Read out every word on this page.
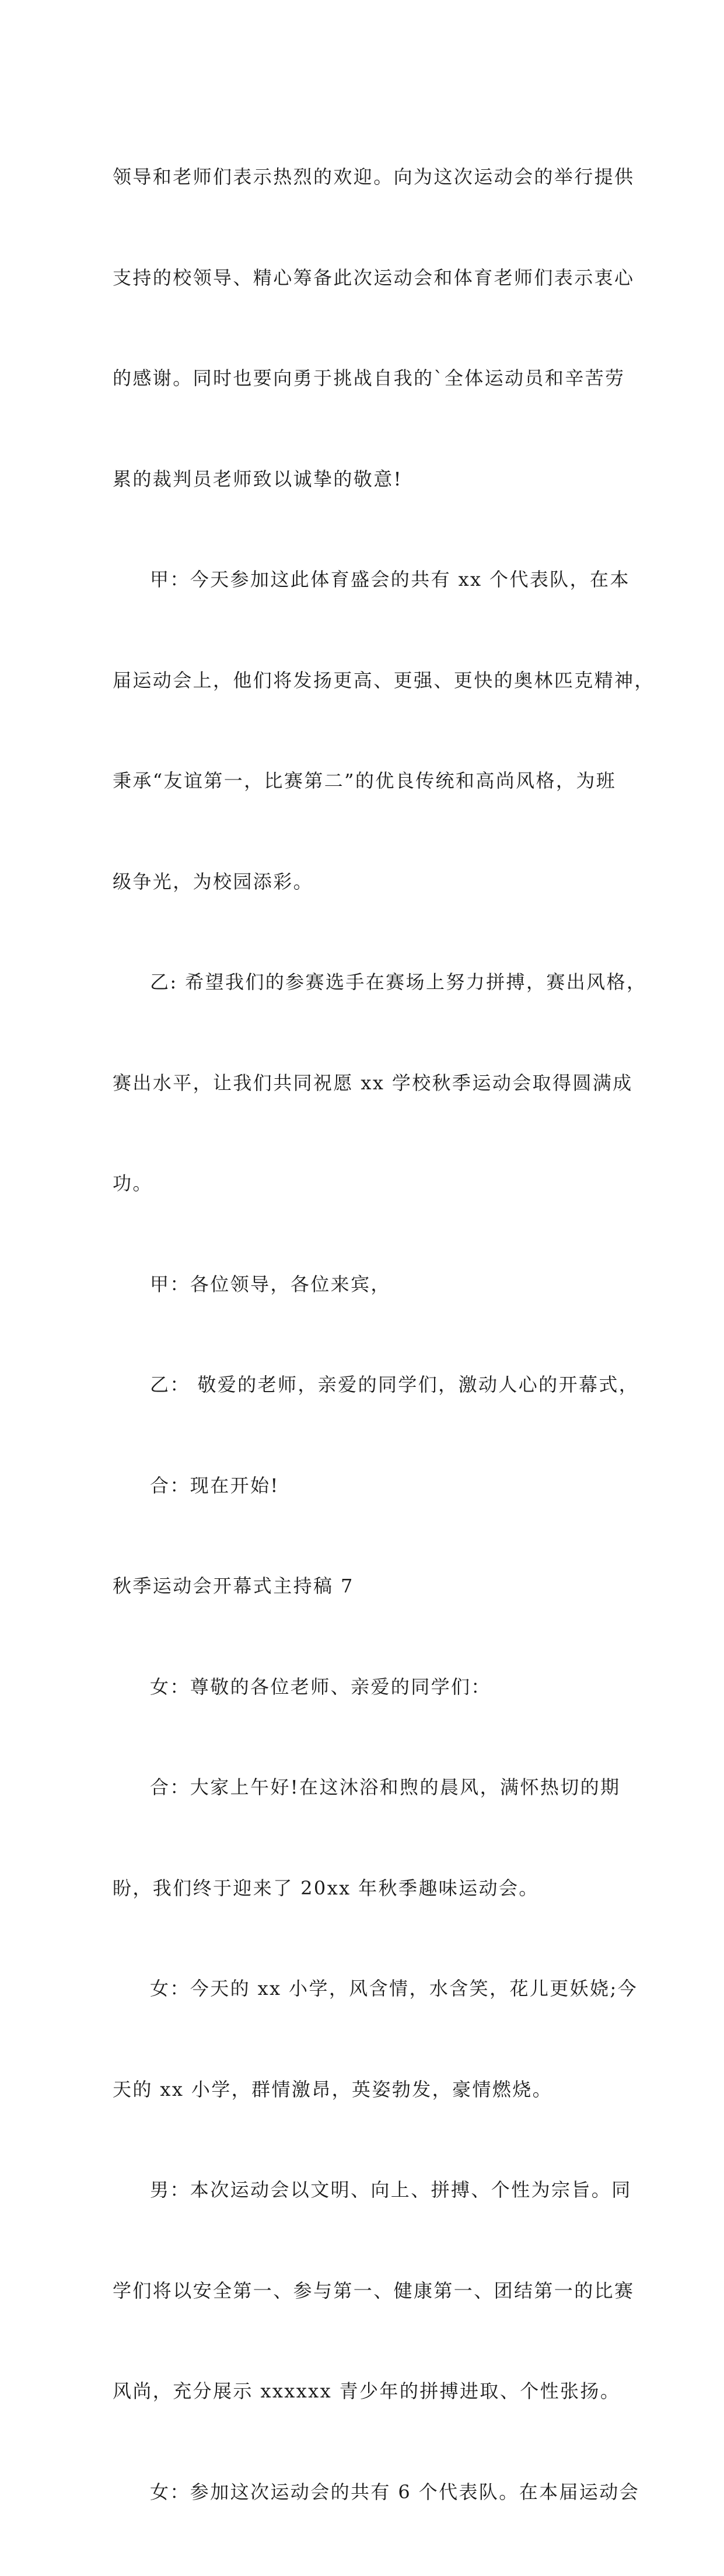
领导和老师们表示热烈的欢迎。向为这次运动会的举行提供

支持的校领导、精心筹备此次运动会和体育老师们表示衷心

的感谢。同时也要向勇于挑战自我的`全体运动员和辛苦劳

累的裁判员老师致以诚挚的敬意!

甲：今天参加这此体育盛会的共有 xx 个代表队，在本

届运动会上，他们将发扬更高、更强、更快的奥林匹克精神，

秉承“友谊第一，比赛第二”的优良传统和高尚风格，为班

级争光，为校园添彩。

乙: 希望我们的参赛选手在赛场上努力拼搏，赛出风格，

赛出水平，让我们共同祝愿 xx 学校秋季运动会取得圆满成

功。

甲：各位领导，各位来宾，

乙： 敬爱的老师，亲爱的同学们，激动人心的开幕式，

合：现在开始!

秋季运动会开幕式主持稿 7

女：尊敬的各位老师、亲爱的同学们：

合：大家上午好!在这沐浴和煦的晨风，满怀热切的期

盼，我们终于迎来了 20xx 年秋季趣味运动会。

女：今天的 xx 小学，风含情，水含笑，花儿更妖娆;今

天的 xx 小学，群情激昂，英姿勃发，豪情燃烧。

男：本次运动会以文明、向上、拼搏、个性为宗旨。同

学们将以安全第一、参与第一、健康第一、团结第一的比赛

风尚，充分展示 xxxxxx 青少年的拼搏进取、个性张扬。

女：参加这次运动会的共有 6 个代表队。在本届运动会
